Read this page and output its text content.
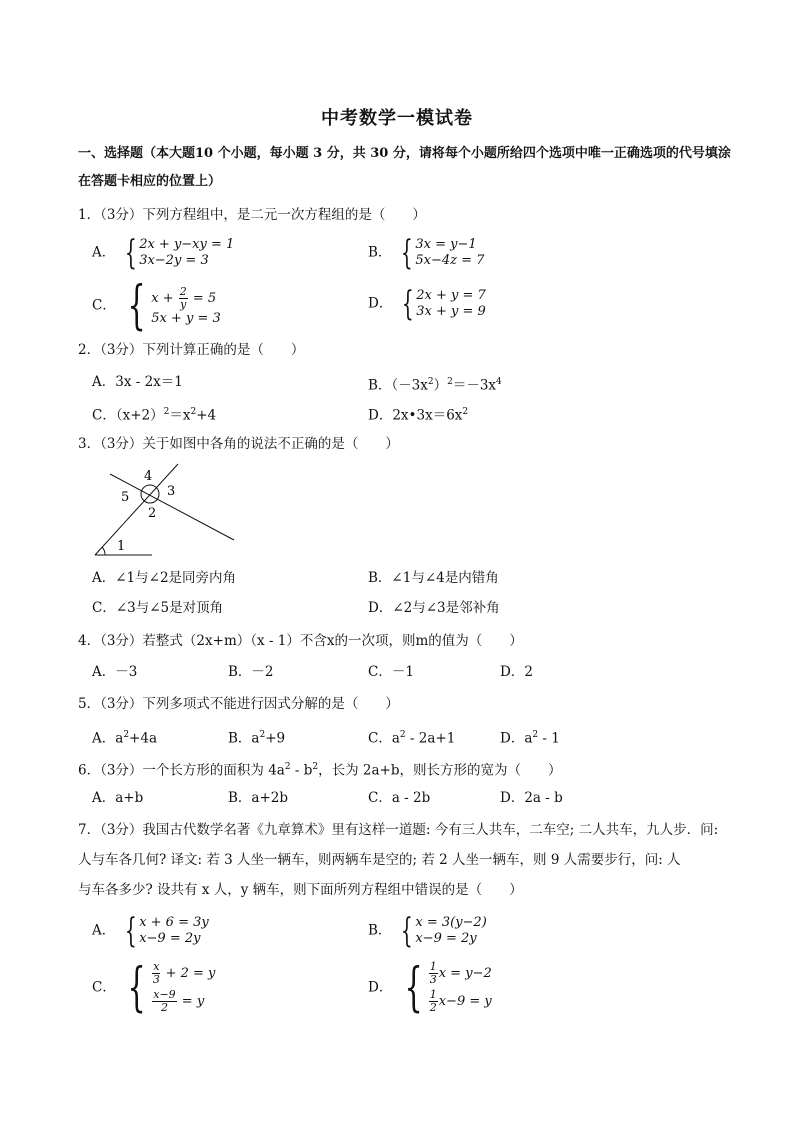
中考数学一模试卷
一、选择题（本大题10 个小题，每小题 3 分，共 30 分，请将每个小题所给四个选项中唯一正确选项的代号填涂在答题卡相应的位置上）
1．（3分）下列方程组中，是二元一次方程组的是（　　）
A． { 2x + y−xy = 1
3x−2y = 3	B． { 3x = y−1
5x−4z = 7
C． { $x + \frac{2}{y} = 5$
5x + y = 3
D． { 2x + y = 7
3x + y = 9
2．（3分）下列计算正确的是（　　）
A．3x - 2x＝1	B．$(-3x^2)^2=-3x^4$
C．$(x+2)^2=x^2+4$	D．$2x•3x=6x^2$
3．（3分）关于如图中各角的说法不正确的是（　　）
4
5	3
2
1
A．∠1与∠2是同旁内角	B．∠1与∠4是内错角
C．∠3与∠5是对顶角	D．∠2与∠3是邻补角
4．（3分）若整式（2x+m）（x - 1）不含x的一次项，则m的值为（　　）
A．－3	B．－2	C．－1	D．2
5．（3分）下列多项式不能进行因式分解的是（　　）
A．$a^2+4a$	B．$a^2+9$	C．$a^2 - 2a+1$	D．$a^2 - 1$
6．（3分）一个长方形的面积为 $4a^2 - b^2$，长为 2a+b，则长方形的宽为（　　）
A．a+b	B．a+2b	C．a - 2b	D．2a - b
7．（3分）我国古代数学名著《九章算术》里有这样一道题: 今有三人共车，二车空; 二人共车，九人步．问:
人与车各几何? 译文: 若 3 人坐一辆车，则两辆车是空的; 若 2 人坐一辆车，则 9 人需要步行，问: 人
与车各多少? 设共有 x 人，y 辆车，则下面所列方程组中错误的是（　　）
A． { x + 6 = 3y
x−9 = 2y	B． { x = 3(y−2)
x−9 = 2y
C． { $\frac{x}{3} + 2 = y$
$\frac{x-9}{2} = y$
D． { $\frac{1}{3}$ x = y−2
$\frac{1}{2} x-9 = y$
